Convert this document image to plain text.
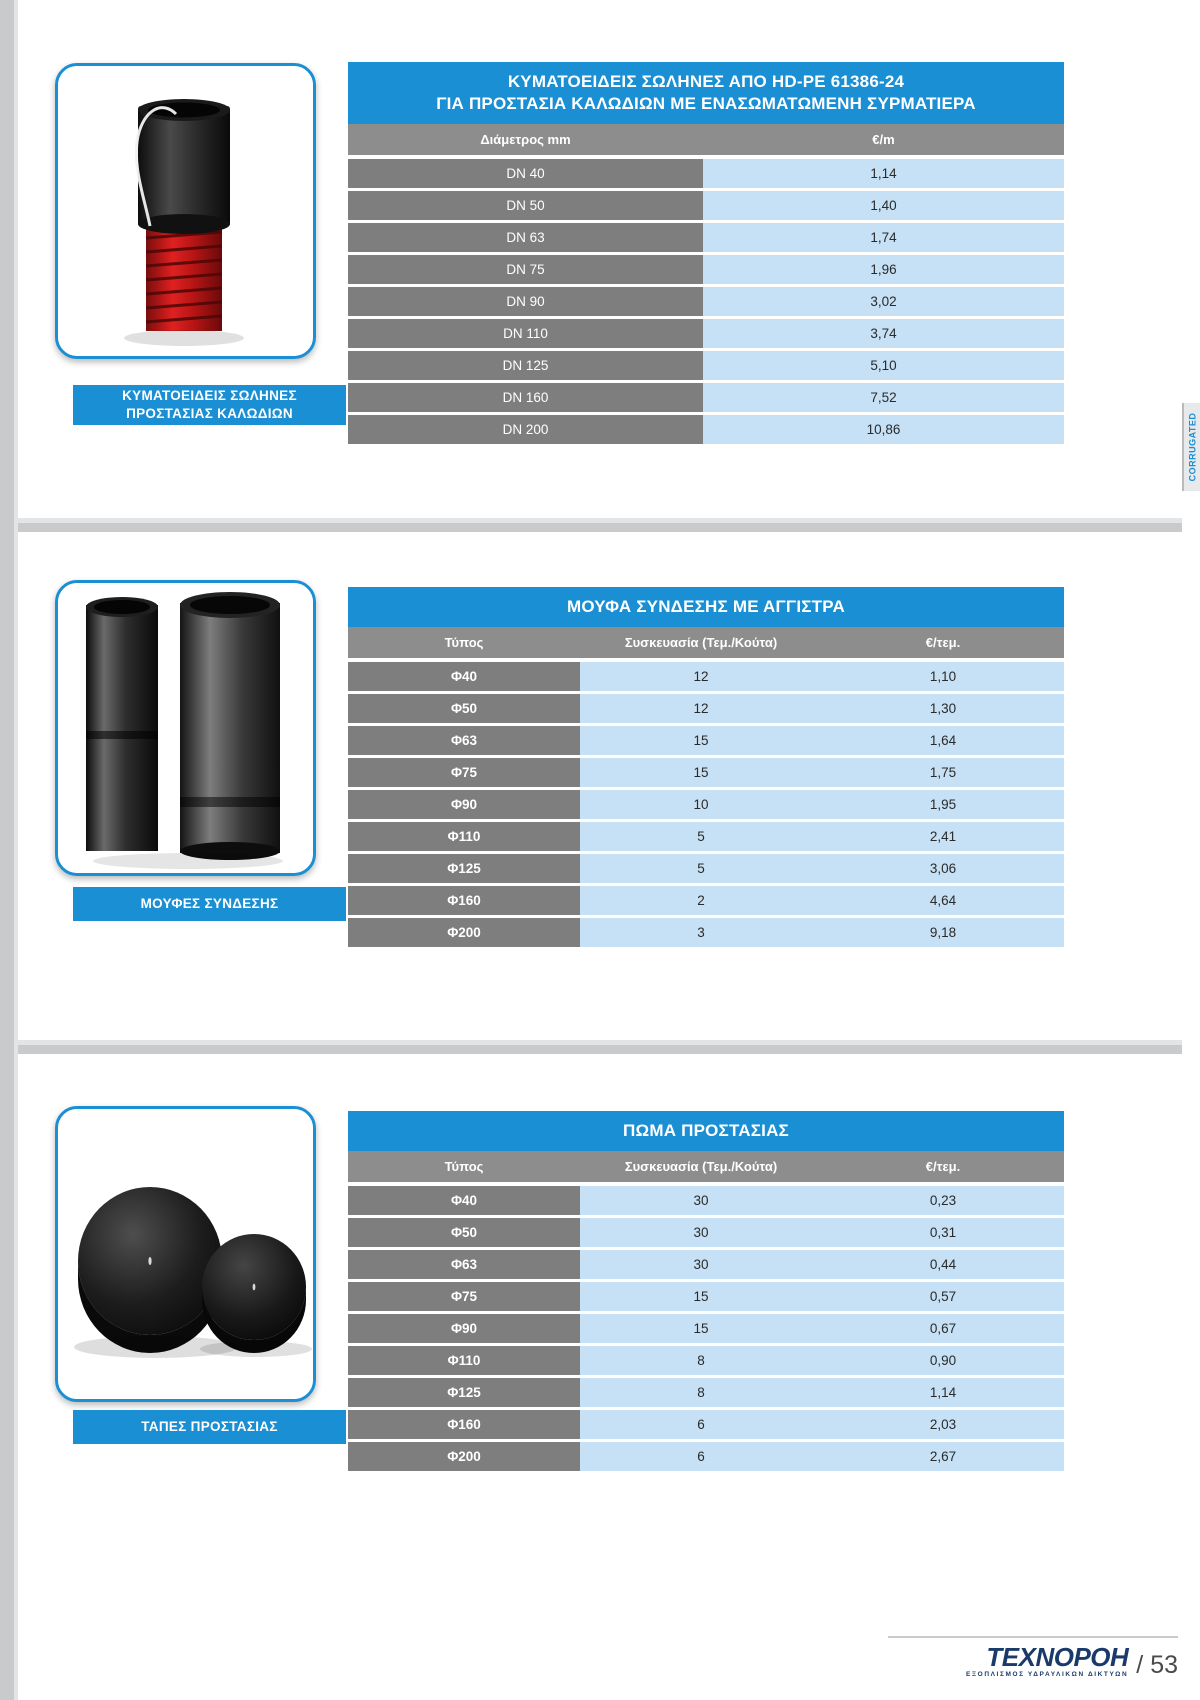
ΚΥΜΑΤΟΕΙΔΕΙΣ ΣΩΛΗΝΕΣ
ΠΡΟΣΤΑΣΙΑΣ ΚΑΛΩΔΙΩΝ
ΚΥΜΑΤΟΕΙΔΕΙΣ ΣΩΛΗΝΕΣ ΑΠΟ HD-PE 61386-24
ΓΙΑ ΠΡΟΣΤΑΣΙΑ ΚΑΛΩΔΙΩΝ ΜΕ ΕΝΑΣΩΜΑΤΩΜΕΝΗ ΣΥΡΜΑΤΙΕΡΑ
Διάμετρος mm	€/m
DN 40	1,14
DN 50	1,40
DN 63	1,74
DN 75	1,96
DN 90	3,02
DN 110	3,74
DN 125	5,10
DN 160	7,52
DN 200	10,86	CORRUGATED
ΜΟΥΦΕΣ ΣΥΝΔΕΣΗΣ
ΜΟΥΦΑ ΣΥΝΔΕΣΗΣ ΜΕ ΑΓΓΙΣΤΡΑ
Τύπος	Συσκευασία (Τεμ./Κούτα)	€/τεμ.
Φ40	12	1,10
Φ50	12	1,30
Φ63	15	1,64
Φ75	15	1,75
Φ90	10	1,95
Φ110	5	2,41
Φ125	5	3,06
Φ160	2	4,64
Φ200	3	9,18
ΤΑΠΕΣ ΠΡΟΣΤΑΣΙΑΣ
ΠΩΜΑ ΠΡΟΣΤΑΣΙΑΣ
Τύπος	Συσκευασία (Τεμ./Κούτα)	€/τεμ.
Φ40	30	0,23
Φ50	30	0,31
Φ63	30	0,44
Φ75	15	0,57
Φ90	15	0,67
Φ110	8	0,90
Φ125	8	1,14
Φ160	6	2,03
Φ200	6	2,67
TEXNOPOH
ΕΞΟΠΛΙΣΜΟΣ ΥΔΡΑΥΛΙΚΩΝ ΔΙΚΤΥΩΝ / 53
